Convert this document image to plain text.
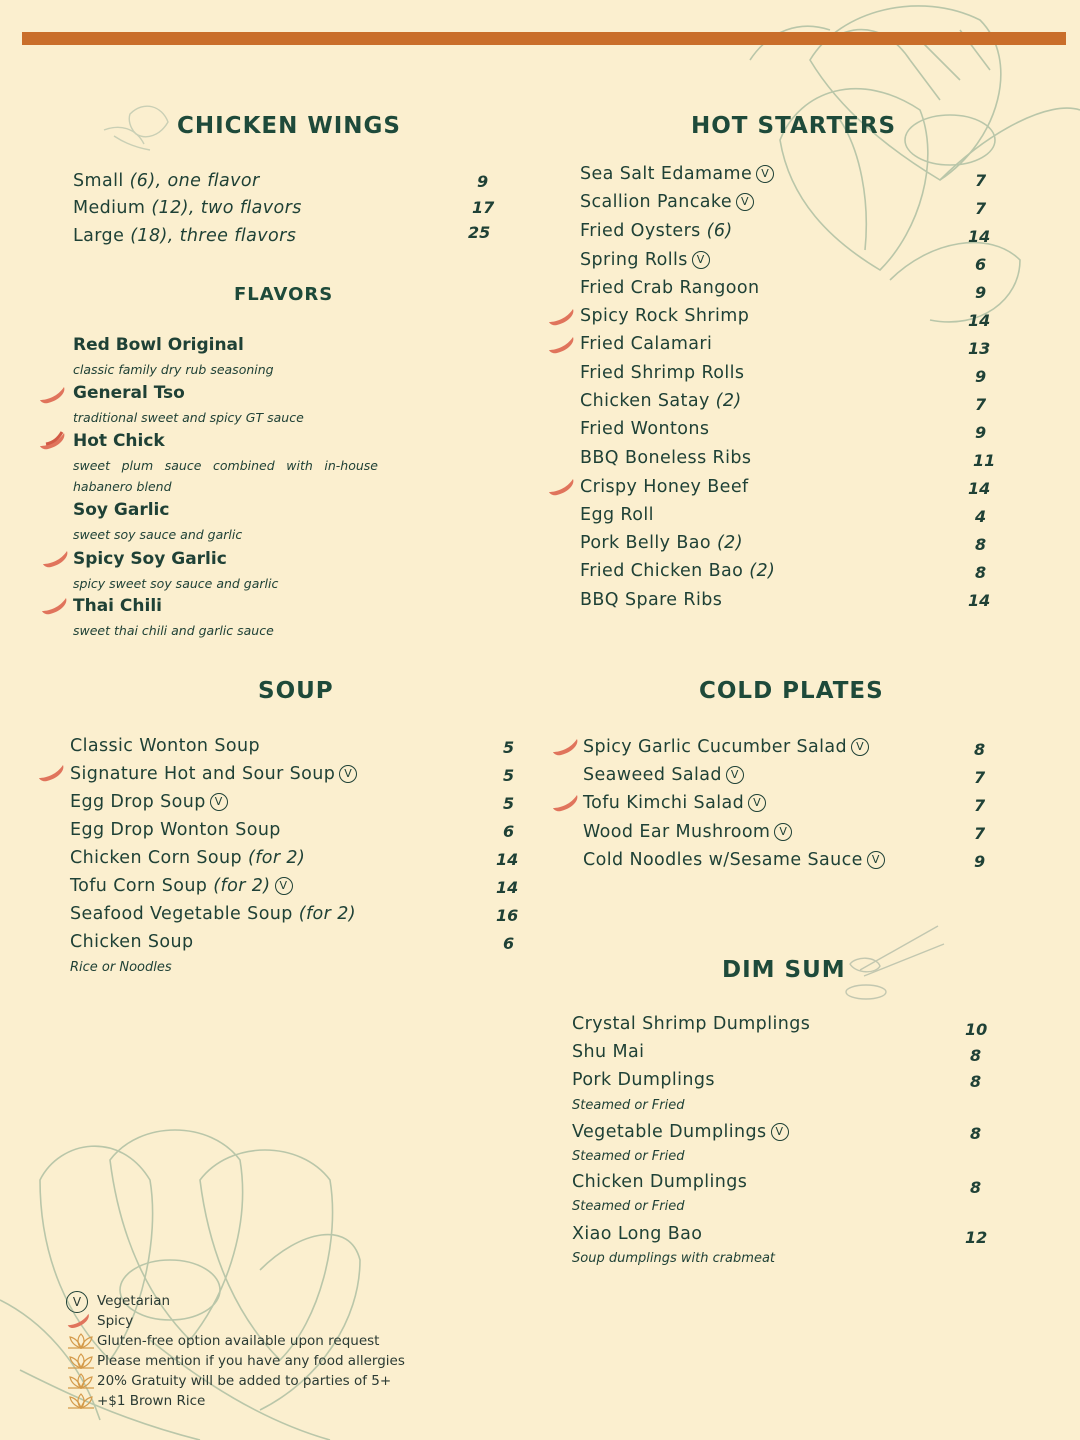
CHICKEN WINGS
Small (6), one flavor	9
Medium (12), two flavors	17
Large (18), three flavors	25
FLAVORS
Red Bowl Original
classic family dry rub seasoning
General Tso
traditional sweet and spicy GT sauce
Hot Chick
sweet plum sauce combined with in-house habanero blend
Soy Garlic
sweet soy sauce and garlic
Spicy Soy Garlic
spicy sweet soy sauce and garlic
Thai Chili
sweet thai chili and garlic sauce
HOT STARTERS
Sea Salt Edamame V	7
Scallion Pancake V	7
Fried Oysters (6)	14
Spring Rolls V	6
Fried Crab Rangoon	9
Spicy Rock Shrimp	14
Fried Calamari	13
Fried Shrimp Rolls	9
Chicken Satay (2)	7
Fried Wontons	9
BBQ Boneless Ribs	11
Crispy Honey Beef	14
Egg Roll	4
Pork Belly Bao (2)	8
Fried Chicken Bao (2)	8
BBQ Spare Ribs	14
SOUP
Classic Wonton Soup	5
Signature Hot and Sour Soup V	5
Egg Drop Soup V	5
Egg Drop Wonton Soup	6
Chicken Corn Soup (for 2)	14
Tofu Corn Soup (for 2) V	14
Seafood Vegetable Soup (for 2)	16
Chicken Soup	6
Rice or Noodles
COLD PLATES
Spicy Garlic Cucumber Salad V	8
Seaweed Salad V	7
Tofu Kimchi Salad V	7
Wood Ear Mushroom V	7
Cold Noodles w/Sesame Sauce V	9
DIM SUM
Crystal Shrimp Dumplings	10
Shu Mai	8
Pork Dumplings	8
Steamed or Fried
Vegetable Dumplings V	8
Steamed or Fried
Chicken Dumplings	8
Steamed or Fried
Xiao Long Bao	12
Soup dumplings with crabmeat
V Vegetarian
Spicy
Gluten-free option available upon request
Please mention if you have any food allergies
20% Gratuity will be added to parties of 5+
+$1 Brown Rice
